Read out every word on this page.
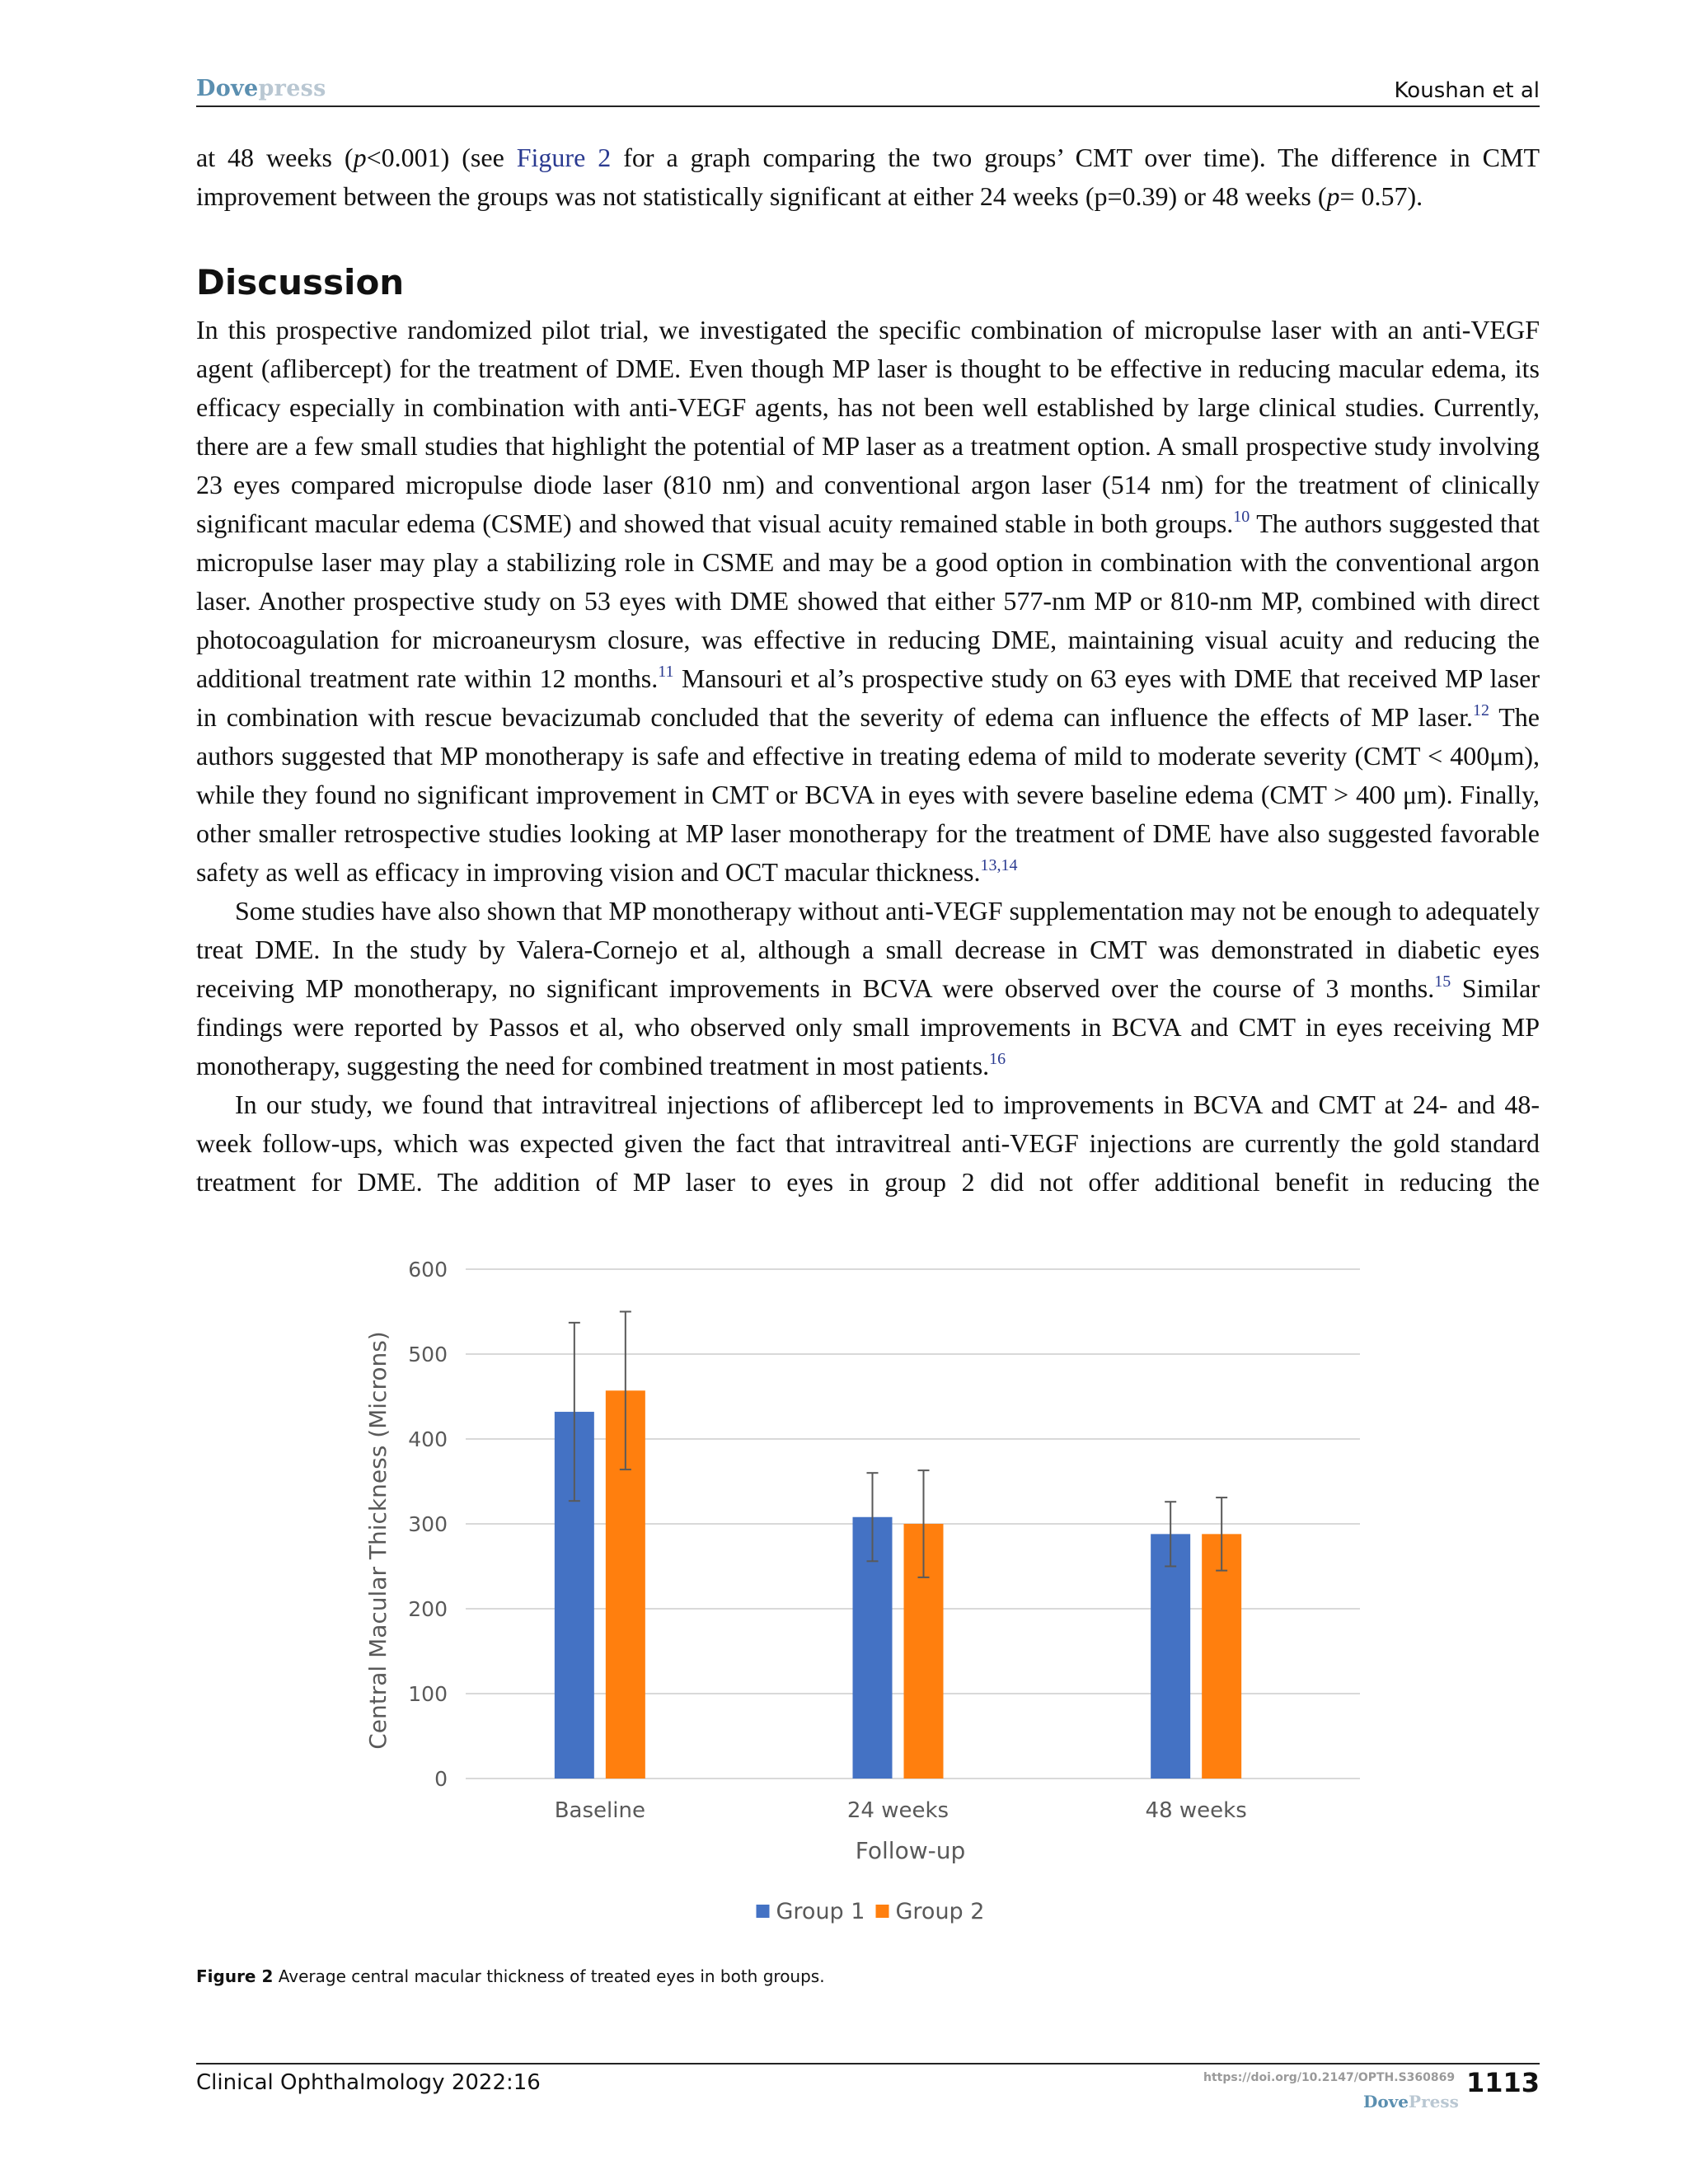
Dovepress	Koushan et al
at 48 weeks (p<0.001) (see Figure 2 for a graph comparing the two groups’ CMT over time). The difference in CMT
improvement between the groups was not statistically significant at either 24 weeks (p=0.39) or 48 weeks (p= 0.57).
Discussion

In this prospective randomized pilot trial, we investigated the specific combination of micropulse laser with an anti-VEGF agent (aflibercept) for the treatment of DME. Even though MP laser is thought to be effective in reducing macular edema, its efficacy especially in combination with anti-VEGF agents, has not been well established by large clinical studies. Currently, there are a few small studies that highlight the potential of MP laser as a treatment option. A small prospective study involving 23 eyes compared micropulse diode laser (810 nm) and conventional argon laser (514 nm) for the treatment of clinically significant macular edema (CSME) and showed that visual acuity remained stable in both groups.$^{10}$ The authors suggested that micropulse laser may play a stabilizing role in CSME and may be a good option in combination with the conventional argon laser. Another prospective study on 53 eyes with DME showed that either 577-nm MP or 810-nm MP, combined with direct photocoagulation for microaneurysm closure, was effective in reducing DME, maintaining visual acuity and reducing the additional treatment rate within 12 months.$^{11}$ Mansouri et al’s prospective study on 63 eyes with DME that received MP laser in combination with rescue bevacizumab concluded that the severity of edema can influence the effects of MP laser.$^{12}$ The authors suggested that MP monotherapy is safe and effective in treating edema of mild to moderate severity (CMT < 400μm), while they found no significant improvement in CMT or BCVA in eyes with severe baseline edema (CMT > 400 μm). Finally, other smaller retrospective studies looking at MP laser monotherapy for the treatment of DME have also suggested favorable safety as well as efficacy in improving vision and OCT macular thickness.$^{13,14}$

Some studies have also shown that MP monotherapy without anti-VEGF supplementation may not be enough to adequately treat DME. In the study by Valera-Cornejo et al, although a small decrease in CMT was demonstrated in diabetic eyes receiving MP monotherapy, no significant improvements in BCVA were observed over the course of 3 months.$^{15}$ Similar findings were reported by Passos et al, who observed only small improvements in BCVA and CMT in eyes receiving MP monotherapy, suggesting the need for combined treatment in most patients.$^{16}$

In our study, we found that intravitreal injections of aflibercept led to improvements in BCVA and CMT at 24- and 48-week follow-ups, which was expected given the fact that intravitreal anti-VEGF injections are currently the gold standard treatment for DME. The addition of MP laser to eyes in group 2 did not offer additional benefit in reducing the

0
100
200
300
400
500
600
Baseline	24 weeks	48 weeks
Follow-up
Central Macular Thickness (Microns)
Group 1 Group 2
Figure 2 Average central macular thickness of treated eyes in both groups.
Clinical Ophthalmology 2022:16	https://doi.org/10.2147/OPTH.S360869 1113
DovePress
